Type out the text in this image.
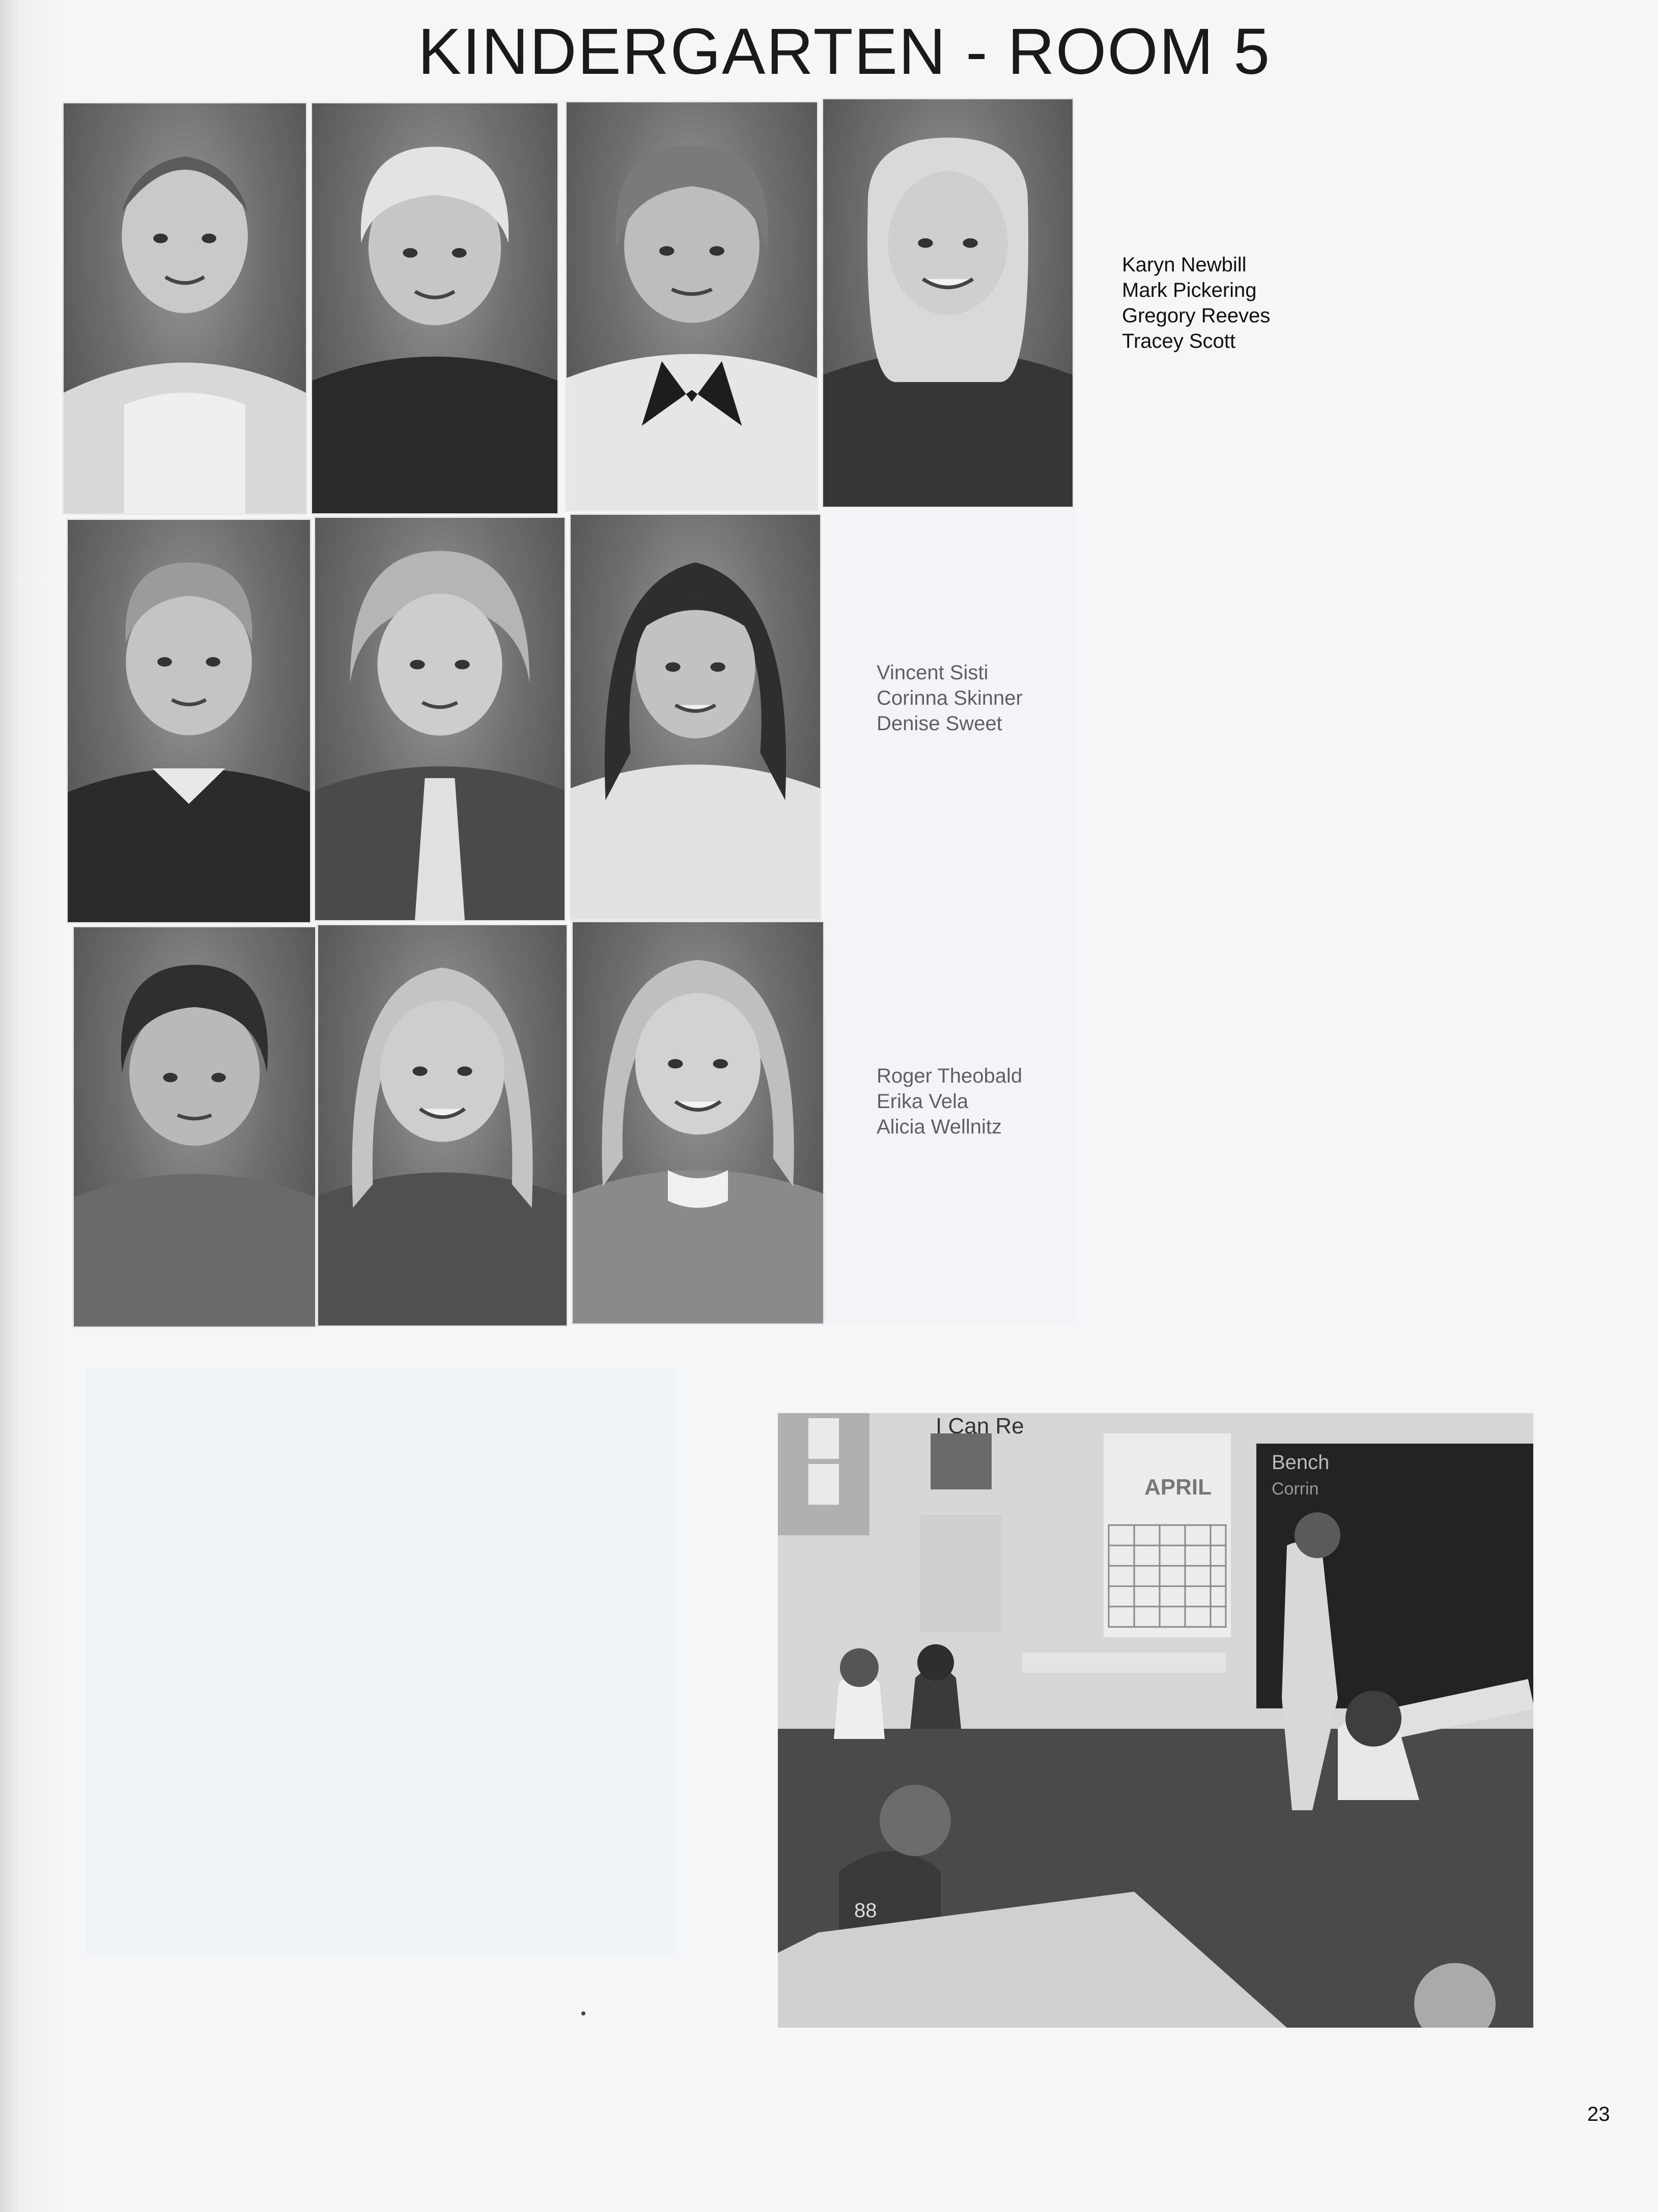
KINDERGARTEN - ROOM 5
Karyn Newbill
Mark Pickering
Gregory Reeves
Tracey Scott
Vincent Sisti
Corinna Skinner
Denise Sweet
Roger Theobald
Erika Vela
Alicia Wellnitz
I Can Re
APRIL
Bench
Corrin
88
23
